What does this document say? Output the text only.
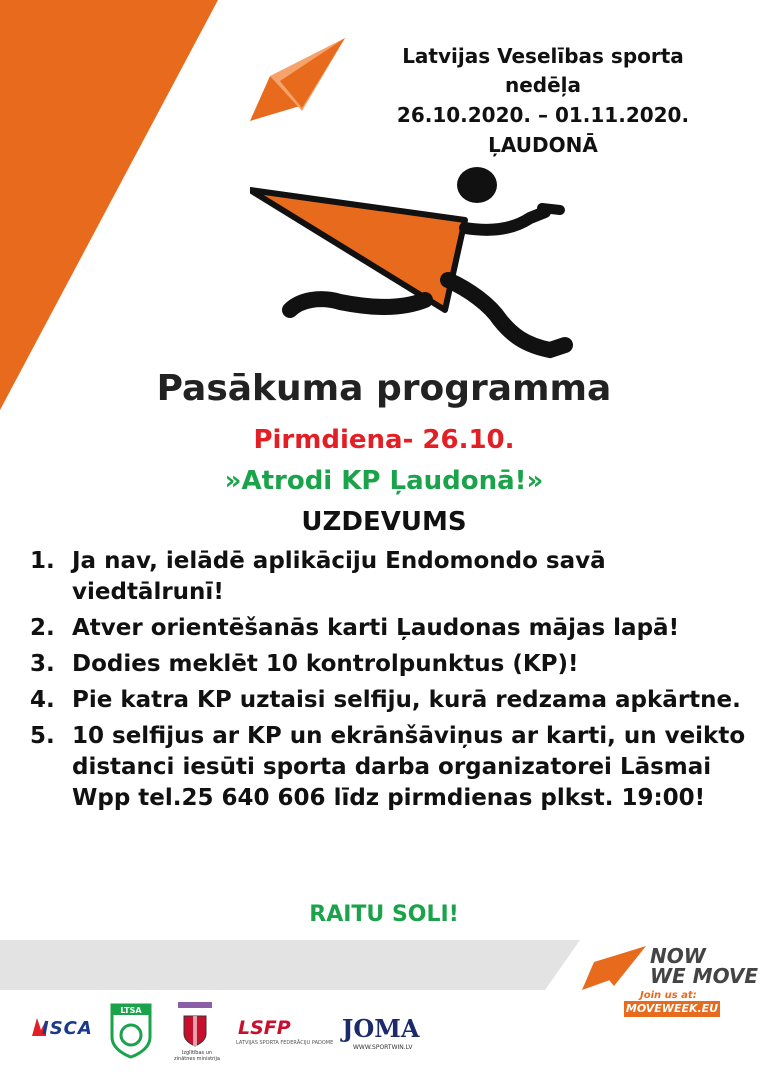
Latvijas Veselības sporta
nedēļa
26.10.2020. – 01.11.2020.
ĻAUDONĀ
Pasākuma programma
Pirmdiena- 26.10.
»Atrodi KP Ļaudonā!»
UZDEVUMS
1. Ja nav, ielādē aplikāciju Endomondo savā viedtālrunī!
2. Atver orientēšanās karti Ļaudonas mājas lapā!
3. Dodies meklēt 10 kontrolpunktus (KP)!
4. Pie katra KP uztaisi selfiju, kurā redzama apkārtne.
5. 10 selfijus ar KP un ekrānšāviņus ar karti, un veikto distanci iesūti sporta darba organizatorei Lāsmai Wpp tel.25 640 606 līdz pirmdienas plkst. 19:00!
RAITU SOLI!
NOW
WE MOVE
Join us at:
MOVEWEEK.EU
ISCA
LTSA
Izglītības un zinātnes ministrija
LSFP
LATVIJAS SPORTA FEDERĀCIJU PADOME JOMA
WWW.SPORTWIN.LV
